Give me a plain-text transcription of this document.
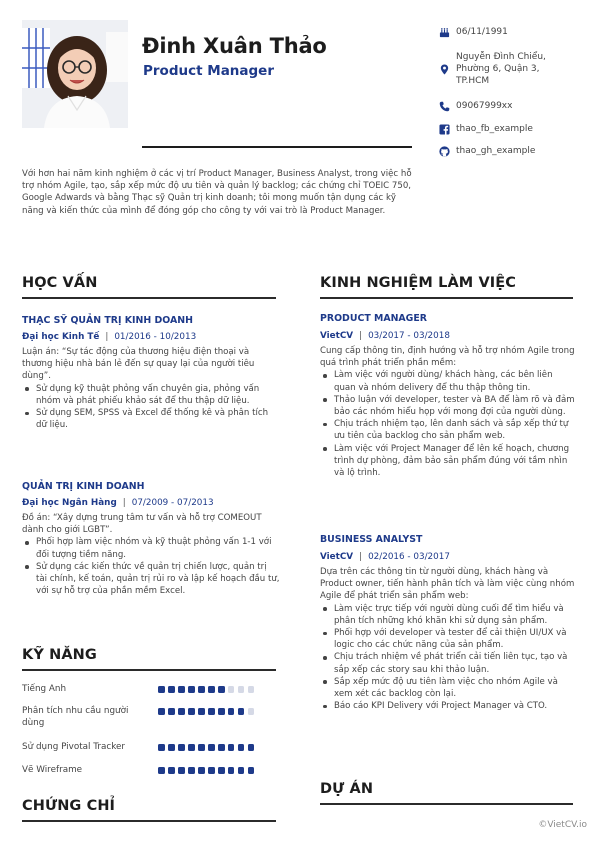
Đinh Xuân Thảo
Product Manager
06/11/1991
Nguyễn Đình Chiểu, Phường 6, Quận 3, TP.HCM
09067999xx
thao_fb_example
thao_gh_example
Với hơn hai năm kinh nghiệm ở các vị trí Product Manager, Business Analyst, trong việc hỗ trợ nhóm Agile, tạo, sắp xếp mức độ ưu tiên và quản lý backlog; các chứng chỉ TOEIC 750, Google Adwards và bằng Thạc sỹ Quản trị kinh doanh; tôi mong muốn tận dụng các kỹ năng và kiến thức của mình để đóng góp cho công ty với vai trò là Product Manager.
HỌC VẤN
THẠC SỸ QUẢN TRỊ KINH DOANH
Đại học Kinh Tế | 01/2016 - 10/2013
Luận án: “Sự tác động của thương hiệu điện thoại và thương hiệu nhà bán lẻ đến sự quay lại của người tiêu dùng”.
Sử dụng kỹ thuật phỏng vấn chuyên gia, phỏng vấn nhóm và phát phiếu khảo sát để thu thập dữ liệu.
Sử dụng SEM, SPSS và Excel để thống kê và phân tích dữ liệu.
QUẢN TRỊ KINH DOANH
Đại học Ngân Hàng | 07/2009 - 07/2013
Đồ án: “Xây dựng trung tâm tư vấn và hỗ trợ COMEOUT dành cho giới LGBT”.
Phối hợp làm việc nhóm và kỹ thuật phỏng vấn 1-1 với đối tượng tiềm năng.
Sử dụng các kiến thức về quản trị chiến lược, quản trị tài chính, kế toán, quản trị rủi ro và lập kế hoạch đầu tư, với sự hỗ trợ của phần mềm Excel.
KỸ NĂNG
Tiếng Anh
Phân tích nhu cầu người dùng
Sử dụng Pivotal Tracker
Vẽ Wireframe
CHỨNG CHỈ
KINH NGHIỆM LÀM VIỆC
PRODUCT MANAGER
VietCV | 03/2017 - 03/2018
Cung cấp thông tin, định hướng và hỗ trợ nhóm Agile trong quá trình phát triển phần mềm:
Làm việc với người dùng/ khách hàng, các bên liên quan và nhóm delivery để thu thập thông tin.
Thảo luận với developer, tester và BA để làm rõ và đảm bảo các nhóm hiểu họp với mong đợi của người dùng.
Chịu trách nhiệm tạo, lên danh sách và sắp xếp thứ tự ưu tiên của backlog cho sản phẩm web.
Làm việc với Project Manager để lên kế hoạch, chương trình dự phòng, đảm bảo sản phẩm đúng với tầm nhìn và lộ trình.
BUSINESS ANALYST
VietCV | 02/2016 - 03/2017
Dựa trên các thông tin từ người dùng, khách hàng và Product owner, tiến hành phân tích và làm việc cùng nhóm Agile để phát triển sản phẩm web:
Làm việc trực tiếp với người dùng cuối để tìm hiểu và phân tích những khó khăn khi sử dụng sản phẩm.
Phối hợp với developer và tester để cải thiện UI/UX và logic cho các chức năng của sản phẩm.
Chịu trách nhiệm về phát triển cải tiến liên tục, tạo và sắp xếp các story sau khi thảo luận.
Sắp xếp mức độ ưu tiên làm việc cho nhóm Agile và xem xét các backlog còn lại.
Báo cáo KPI Delivery với Project Manager và CTO.
DỰ ÁN
©VietCV.io
